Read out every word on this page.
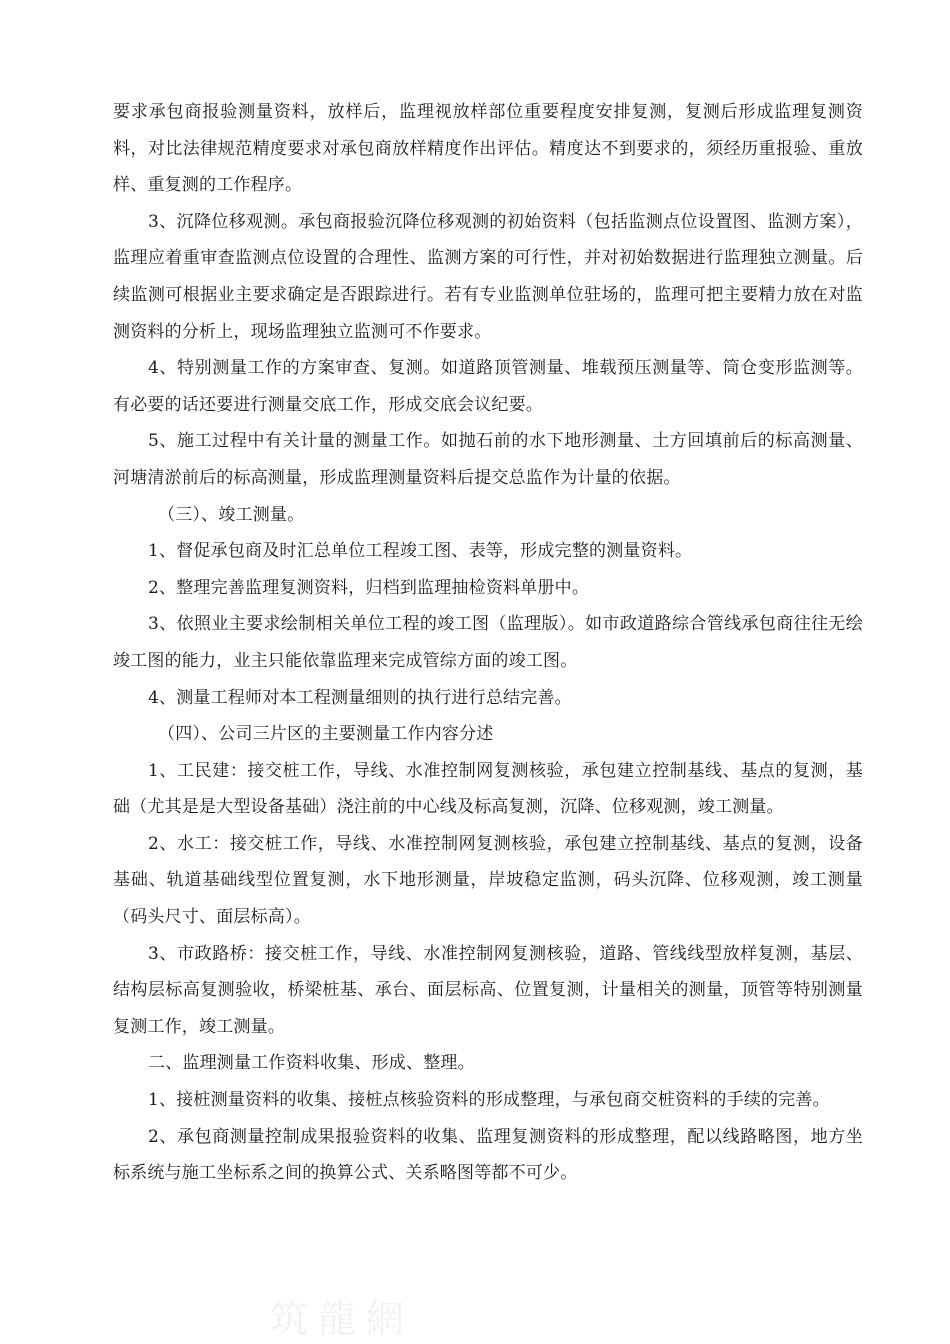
要求承包商报验测量资料，放样后，监理视放样部位重要程度安排复测，复测后形成监理复测资料，对比法律规范精度要求对承包商放样精度作出评估。精度达不到要求的，须经历重报验、重放样、重复测的工作程序。

3、沉降位移观测。承包商报验沉降位移观测的初始资料（包括监测点位设置图、监测方案），监理应着重审查监测点位设置的合理性、监测方案的可行性，并对初始数据进行监理独立测量。后续监测可根据业主要求确定是否跟踪进行。若有专业监测单位驻场的，监理可把主要精力放在对监测资料的分析上，现场监理独立监测可不作要求。

4、特别测量工作的方案审查、复测。如道路顶管测量、堆载预压测量等、筒仓变形监测等。有必要的话还要进行测量交底工作，形成交底会议纪要。

5、施工过程中有关计量的测量工作。如抛石前的水下地形测量、土方回填前后的标高测量、河塘清淤前后的标高测量，形成监理测量资料后提交总监作为计量的依据。

（三）、竣工测量。

1、督促承包商及时汇总单位工程竣工图、表等，形成完整的测量资料。

2、整理完善监理复测资料，归档到监理抽检资料单册中。

3、依照业主要求绘制相关单位工程的竣工图（监理版）。如市政道路综合管线承包商往往无绘竣工图的能力，业主只能依靠监理来完成管综方面的竣工图。

4、测量工程师对本工程测量细则的执行进行总结完善。

（四）、公司三片区的主要测量工作内容分述

1、工民建：接交桩工作，导线、水准控制网复测核验，承包建立控制基线、基点的复测，基础（尤其是是大型设备基础）浇注前的中心线及标高复测，沉降、位移观测，竣工测量。

2、水工：接交桩工作，导线、水准控制网复测核验，承包建立控制基线、基点的复测，设备基础、轨道基础线型位置复测，水下地形测量，岸坡稳定监测，码头沉降、位移观测，竣工测量（码头尺寸、面层标高）。

3、市政路桥：接交桩工作，导线、水准控制网复测核验，道路、管线线型放样复测，基层、结构层标高复测验收，桥梁桩基、承台、面层标高、位置复测，计量相关的测量，顶管等特别测量复测工作，竣工测量。

二、监理测量工作资料收集、形成、整理。

1、接桩测量资料的收集、接桩点核验资料的形成整理，与承包商交桩资料的手续的完善。

2、承包商测量控制成果报验资料的收集、监理复测资料的形成整理，配以线路略图，地方坐标系统与施工坐标系之间的换算公式、关系略图等都不可少。

筑龍網
